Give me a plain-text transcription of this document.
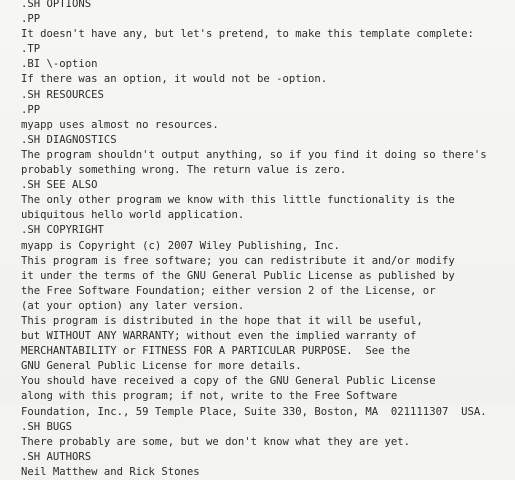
.SH OPTIONS
.PP
It doesn't have any, but let's pretend, to make this template complete:
.TP
.BI \-option
If there was an option, it would not be -option.
.SH RESOURCES
.PP
myapp uses almost no resources.
.SH DIAGNOSTICS
The program shouldn't output anything, so if you find it doing so there's
probably something wrong. The return value is zero.
.SH SEE ALSO
The only other program we know with this little functionality is the
ubiquitous hello world application.
.SH COPYRIGHT
myapp is Copyright (c) 2007 Wiley Publishing, Inc.
This program is free software; you can redistribute it and/or modify
it under the terms of the GNU General Public License as published by
the Free Software Foundation; either version 2 of the License, or
(at your option) any later version.
This program is distributed in the hope that it will be useful,
but WITHOUT ANY WARRANTY; without even the implied warranty of
MERCHANTABILITY or FITNESS FOR A PARTICULAR PURPOSE.  See the
GNU General Public License for more details.
You should have received a copy of the GNU General Public License
along with this program; if not, write to the Free Software
Foundation, Inc., 59 Temple Place, Suite 330, Boston, MA  021111307  USA.
.SH BUGS
There probably are some, but we don't know what they are yet.
.SH AUTHORS
Neil Matthew and Rick Stones
